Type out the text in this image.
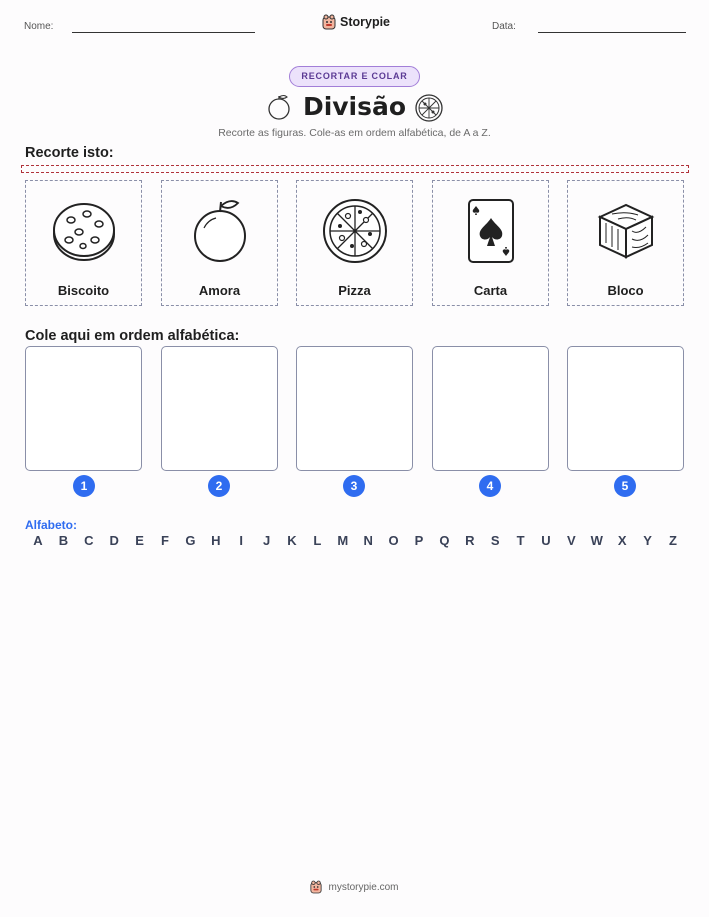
Nome:	Storypie	Data:
RECORTAR E COLAR
Divisão
Recorte as figuras. Cole-as em ordem alfabética, de A a Z.
Recorte isto:
Biscoito	Amora	Pizza	Carta	Bloco
Cole aqui em ordem alfabética:
1	2	3	4	5
Alfabeto:
A	B	C	D	E	F	G	H	I	J	K	L	M	N	O	P	Q	R	S	T	U	V	W	X	Y	Z
mystorypie.com
